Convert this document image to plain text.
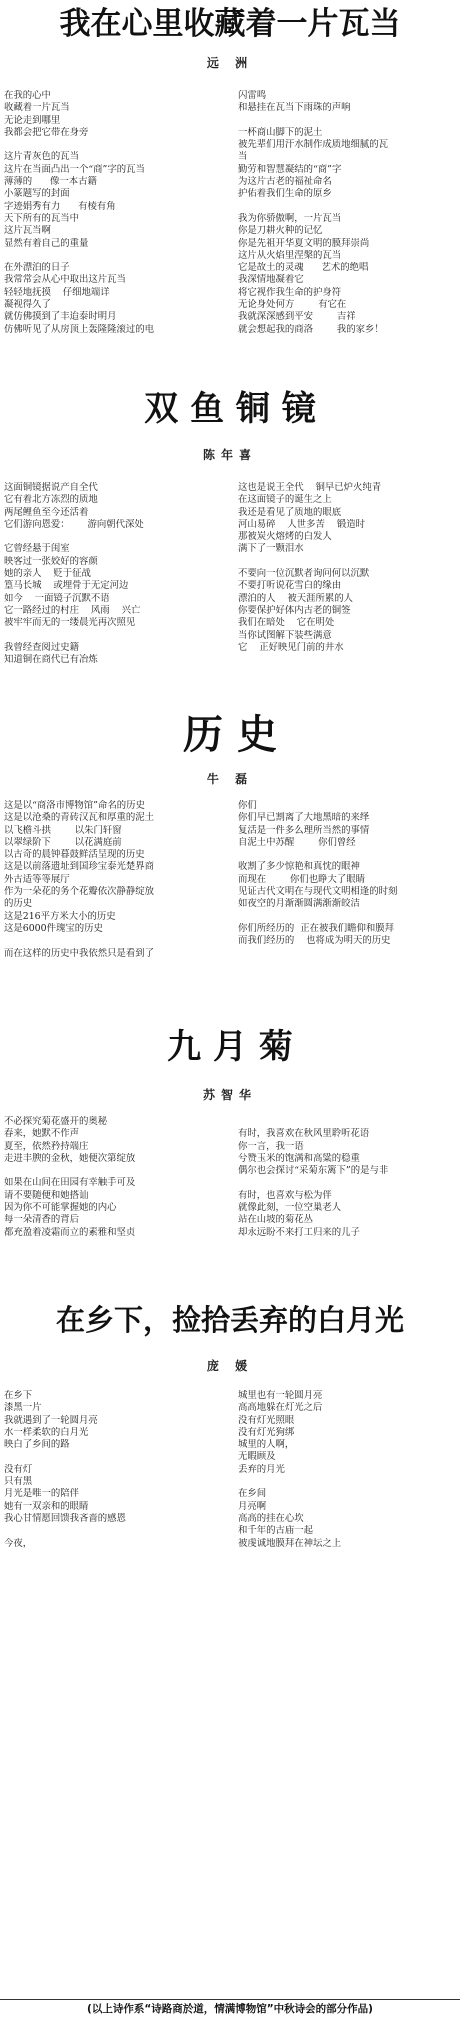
我在心里收藏着一片瓦当
远 洲
在我的心中
收藏着一片瓦当
无论走到哪里
我都会把它带在身旁
这片青灰色的瓦当
这片在当面凸出一个“商”字的瓦当
薄薄的      像一本古籍
小篆题写的封面
字迹娟秀有力      有棱有角
天下所有的瓦当中
这片瓦当啊
显然有着自己的重量
在外漂泊的日子
我常常会从心中取出这片瓦当
轻轻地抚摸    仔细地端详
凝视得久了
就仿佛摸到了丰迨泰时明月
仿佛听见了从房顶上轰隆隆滚过的电
闪雷鸣
和悬挂在瓦当下雨珠的声响
一杯商山脚下的泥土
被先辈们用汗水制作成质地细腻的瓦
当
勤劳和智慧凝结的“商”字
为这片古老的福祉命名
护佑着我们生命的原乡
我为你骄傲啊，一片瓦当
你是刀耕火种的记忆
你是先祖开华夏文明的膜拜崇尚
这片从火焰里涅槃的瓦当
它是故土的灵魂      艺术的绝唱
我深情地凝着它
将它视作我生命的护身符
无论身处何方        有它在
我就深深感到平安        吉祥
就会想起我的商洛        我的家乡！
双 鱼 铜 镜
陈年喜
这面铜镜据说产自全代
它有着北方冻烈的质地
两尾鲤鱼至今还活着
它们游向恩爱：      游向朝代深处
它曾经悬于闺室
映客过一张姣好的容颜
她的亲人    贬于征战
篁马长城    或埋骨于无定河边
如今    一面镜子沉默不语
它一路经过的村庄    风雨    兴亡
被牢牢而无的一缕晨光再次照见
我曾经查阅过史籍
知道铜在商代已有冶炼
这也是说王全代    铜早已炉火纯青
在这面镜子的诞生之上
我还是看见了质地的眼底
河山易碎    人世多苦    锻造时
那被炭火熔烤的白发人
满下了一颗泪水
不要向一位沉默者询问何以沉默
不要打听说花雪白的缘由
漂泊的人    被天涯所累的人
你要保护好体内古老的铜签
我们在暗处    它在明处
当你试图解下装些满意
它    正好映见门前的井水
历 史
牛 磊
这是以“商洛市博物馆”命名的历史
这是以沧桑的青砖汉瓦和厚重的泥土
以飞檐斗拱        以朱门轩窗
以翠绿阶下        以花满庭前
以古奇的晨钟暮鼓鲜活呈现的历史
这是以前落遗址到国珍宝泰光楚界商
外古适等等展厅
作为一朵花的务个花瓣依次静静绽放
的历史
这是216平方米大小的历史
这是6000件瑰宝的历史
而在这样的历史中我依然只是看到了
你们
你们早已割离了大地黑暗的来绎
复活是一件多么理所当然的事情
自泥土中苏醒        你们曾经
收割了多少惊艳和真忱的眼神
而现在        你们也睁大了眼睛
见证古代文明在与现代文明相逢的时刻
如夜空的月渐渐圆满渐渐皎洁
你们所经历的  正在被我们瞻仰和膜拜
而我们经历的    也将成为明天的历史
九 月 菊
苏智华
不必探究菊花盛开的奥秘
春来，她默不作声
夏至，依然矜持端庄
走进丰腴的金秋，她便次第绽放
如果在山间在田园有幸触手可及
请不要随便和她搭讪
因为你不可能掌握她的内心
每一朵清香的背后
都充盈着凌霜而立的素雅和坚贞
有时，我喜欢在秋风里聆听花语
你一言，我一语
兮赞玉米的饱满和高粱的稳重
偶尔也会探讨“采菊东篱下”的是与非
有时，也喜欢与松为伴
就像此刻，一位空巢老人
站在山坡的菊花丛
却永远盼不来打工归来的儿子
在乡下，捡拾丢弃的白月光
庞 媛
在乡下
漆黑一片
我就遇到了一轮圆月亮
水一样柔软的白月光
映白了乡间的路
没有灯
只有黑
月光是唯一的陪伴
她有一双亲和的眼睛
我心甘情愿回馈我吝啬的感恩
今夜，
城里也有一轮圆月亮
高高地躲在灯光之后
没有灯光照眼
没有灯光狗绑
城里的人啊，
无暇顾及
丢弃的月光
在乡间
月亮啊
高高的挂在心坎
和千年的古庙一起
被虔诚地膜拜在神坛之上
(以上诗作系“诗路商於道，情满博物馆”中秋诗会的部分作品)
